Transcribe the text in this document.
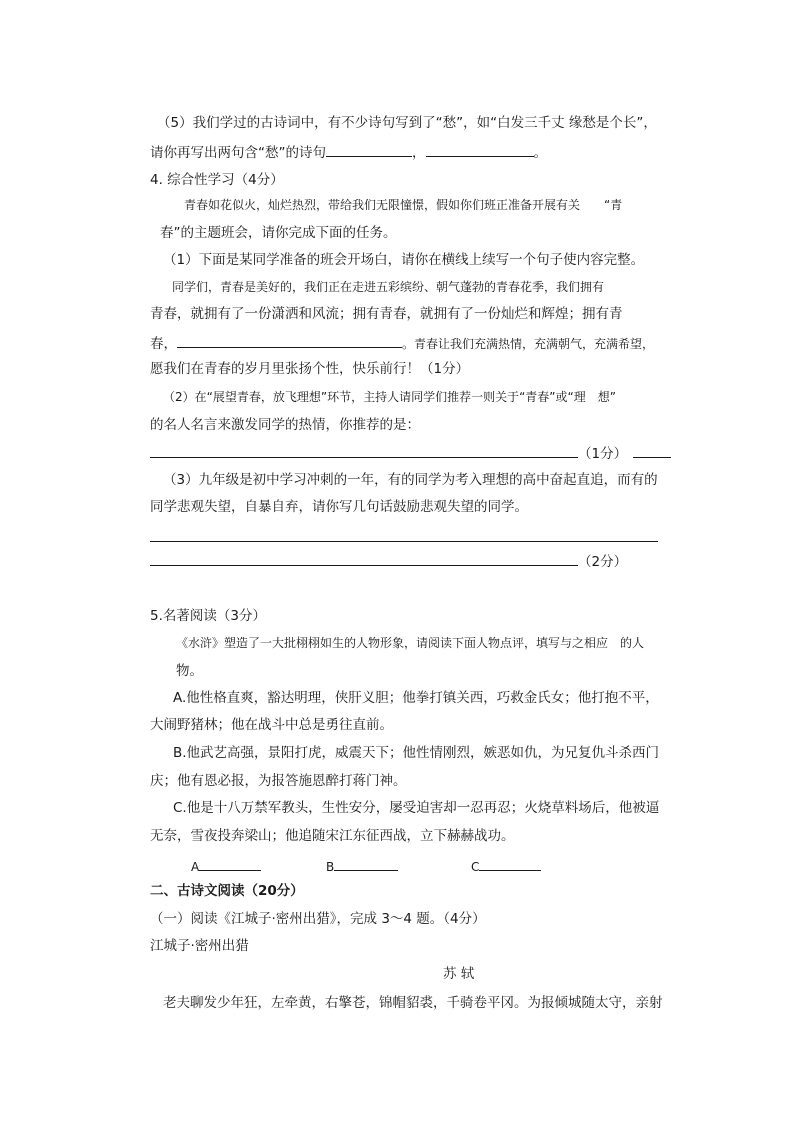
（5）我们学过的古诗词中，有不少诗句写到了“愁”，如“白发三千丈 缘愁是个长”，
请你再写出两句含“愁”的诗句	，	。
4. 综合性学习（4分）
青春如花似火，灿烂热烈，带给我们无限憧憬，假如你们班正准备开展有关　　“青
春”的主题班会，请你完成下面的任务。
（1）下面是某同学准备的班会开场白，请你在横线上续写一个句子使内容完整。
同学们，青春是美好的，我们正在走进五彩缤纷、朝气蓬勃的青春花季，我们拥有
青春，就拥有了一份潇洒和风流；拥有青春，就拥有了一份灿烂和辉煌；拥有青
春，	。青春让我们充满热情，充满朝气，充满希望，
愿我们在青春的岁月里张扬个性，快乐前行！（1分）
（2）在“展望青春，放飞理想”环节，主持人请同学们推荐一则关于“青春”或“理　想”
的名人名言来激发同学的热情，你推荐的是：
（1分）
（3）九年级是初中学习冲刺的一年，有的同学为考入理想的高中奋起直追，而有的
同学悲观失望，自暴自弃，请你写几句话鼓励悲观失望的同学。
（2分）
5.名著阅读（3分）
《水浒》塑造了一大批栩栩如生的人物形象，请阅读下面人物点评，填写与之相应　的人
物。
A.他性格直爽，豁达明理，侠肝义胆；他拳打镇关西，巧救金氏女；他打抱不平，
大闹野猪林；他在战斗中总是勇往直前。
B.他武艺高强，景阳打虎，威震天下；他性情刚烈，嫉恶如仇，为兄复仇斗杀西门
庆；他有恩必报，为报答施恩醉打蒋门神。
C.他是十八万禁军教头，生性安分，屡受迫害却一忍再忍；火烧草料场后，他被逼
无奈，雪夜投奔梁山；他追随宋江东征西战，立下赫赫战功。
A	B	C
二、古诗文阅读（20分）
（一）阅读《江城子·密州出猎》，完成 3～4 题。（4分）
江城子·密州出猎
苏 轼
老夫聊发少年狂，左牵黄，右擎苍，锦帽貂裘，千骑卷平冈。为报倾城随太守，亲射
